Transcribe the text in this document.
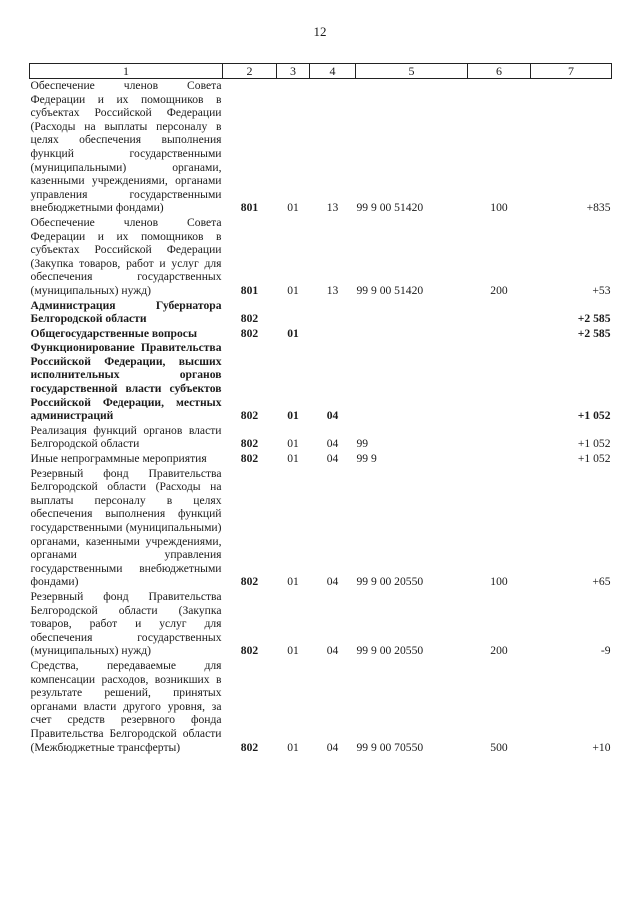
12
1	2	3	4	5	6	7
Обеспечение членов Совета Федерации и их помощников в субъектах Российской Федерации (Расходы на выплаты персоналу в целях обеспечения выполнения функций государственными (муниципальными) органами, казенными учреждениями, органами управления государственными внебюджетными фондами)	801	01	13	99 9 00 51420	100	+835
Обеспечение членов Совета Федерации и их помощников в субъектах Российской Федерации (Закупка товаров, работ и услуг для обеспечения государственных (муниципальных) нужд)	801	01	13	99 9 00 51420	200	+53
Администрация Губернатора Белгородской области	802					+2 585
Общегосударственные вопросы	802	01				+2 585
Функционирование Правительства Российской Федерации, высших исполнительных органов государственной власти субъектов Российской Федерации, местных администраций	802	01	04			+1 052
Реализация функций органов власти Белгородской области	802	01	04	99		+1 052
Иные непрограммные мероприятия	802	01	04	99 9		+1 052
Резервный фонд Правительства Белгородской области (Расходы на выплаты персоналу в целях обеспечения выполнения функций государственными (муниципальными) органами, казенными учреждениями, органами управления государственными внебюджетными фондами)	802	01	04	99 9 00 20550	100	+65
Резервный фонд Правительства Белгородской области (Закупка товаров, работ и услуг для обеспечения государственных (муниципальных) нужд)	802	01	04	99 9 00 20550	200	-9
Средства, передаваемые для компенсации расходов, возникших в результате решений, принятых органами власти другого уровня, за счет средств резервного фонда Правительства Белгородской области (Межбюджетные трансферты)	802	01	04	99 9 00 70550	500	+10
